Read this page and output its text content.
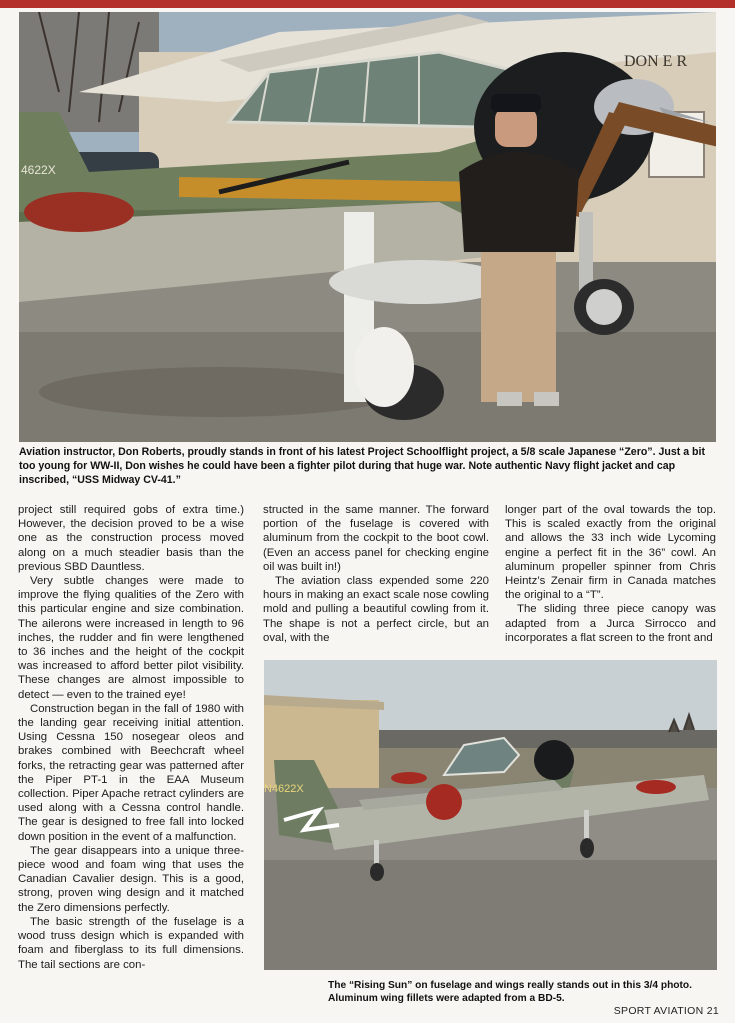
DON E R
4622X
Aviation instructor, Don Roberts, proudly stands in front of his latest Project Schoolflight project, a 5/8 scale Japanese “Zero”. Just a bit too young for WW-II, Don wishes he could have been a fighter pilot during that huge war. Note authentic Navy flight jacket and cap inscribed, “USS Midway CV-41.”

project still required gobs of extra time.) However, the decision proved to be a wise one as the construction process moved along on a much steadier basis than the previous SBD Dauntless.

Very subtle changes were made to improve the flying qualities of the Zero with this particular engine and size combination. The ailerons were increased in length to 96 inches, the rudder and fin were lengthened to 36 inches and the height of the cockpit was increased to afford better pilot visibility. These changes are almost impossible to detect — even to the trained eye!

Construction began in the fall of 1980 with the landing gear receiving initial attention. Using Cessna 150 nosegear oleos and brakes combined with Beechcraft wheel forks, the retracting gear was patterned after the Piper PT-1 in the EAA Museum collection. Piper Apache retract cylinders are used along with a Cessna control handle. The gear is designed to free fall into locked down position in the event of a malfunction.

The gear disappears into a unique three-piece wood and foam wing that uses the Canadian Cavalier design. This is a good, strong, proven wing design and it matched the Zero dimensions perfectly.

The basic strength of the fuselage is a wood truss design which is expanded with foam and fiberglass to its full dimensions. The tail sections are con-

structed in the same manner. The forward portion of the fuselage is covered with aluminum from the cockpit to the boot cowl. (Even an access panel for checking engine oil was built in!)

The aviation class expended some 220 hours in making an exact scale nose cowling mold and pulling a beautiful cowling from it. The shape is not a perfect circle, but an oval, with the

longer part of the oval towards the top. This is scaled exactly from the original and allows the 33 inch wide Lycoming engine a perfect fit in the 36” cowl. An aluminum propeller spinner from Chris Heintz’s Zenair firm in Canada matches the original to a “T”.

The sliding three piece canopy was adapted from a Jurca Sirrocco and incorporates a flat screen to the front and

N4622X
The “Rising Sun” on fuselage and wings really stands out in this 3/4 photo. Aluminum wing fillets were adapted from a BD-5.
SPORT AVIATION 21
